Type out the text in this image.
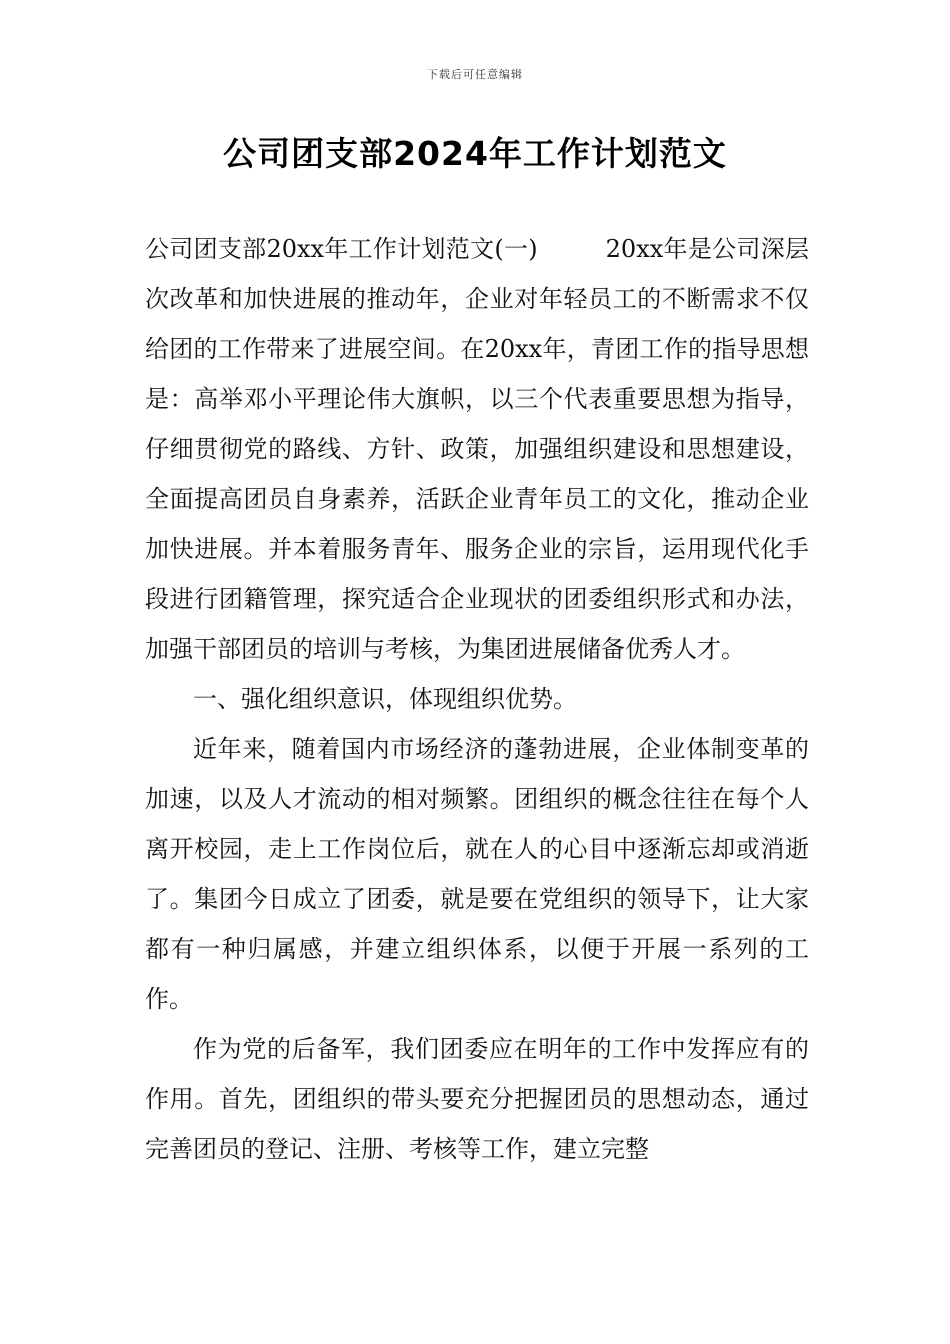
下载后可任意编辑
公司团支部2024年工作计划范文

公司团支部20xx年工作计划范文(一)	20xx年是公司深层次改革和加快进展的推动年，企业对年轻员工的不断需求不仅给团的工作带来了进展空间。在20xx年，青团工作的指导思想是：高举邓小平理论伟大旗帜，以三个代表重要思想为指导，仔细贯彻党的路线、方针、政策，加强组织建设和思想建设，全面提高团员自身素养，活跃企业青年员工的文化，推动企业加快进展。并本着服务青年、服务企业的宗旨，运用现代化手段进行团籍管理，探究适合企业现状的团委组织形式和办法，加强干部团员的培训与考核，为集团进展储备优秀人才。

一、强化组织意识，体现组织优势。

近年来，随着国内市场经济的蓬勃进展，企业体制变革的加速，以及人才流动的相对频繁。团组织的概念往往在每个人离开校园，走上工作岗位后，就在人的心目中逐渐忘却或消逝了。集团今日成立了团委，就是要在党组织的领导下，让大家都有一种归属感，并建立组织体系，以便于开展一系列的工作。

作为党的后备军，我们团委应在明年的工作中发挥应有的作用。首先，团组织的带头要充分把握团员的思想动态，通过完善团员的登记、注册、考核等工作，建立完整
